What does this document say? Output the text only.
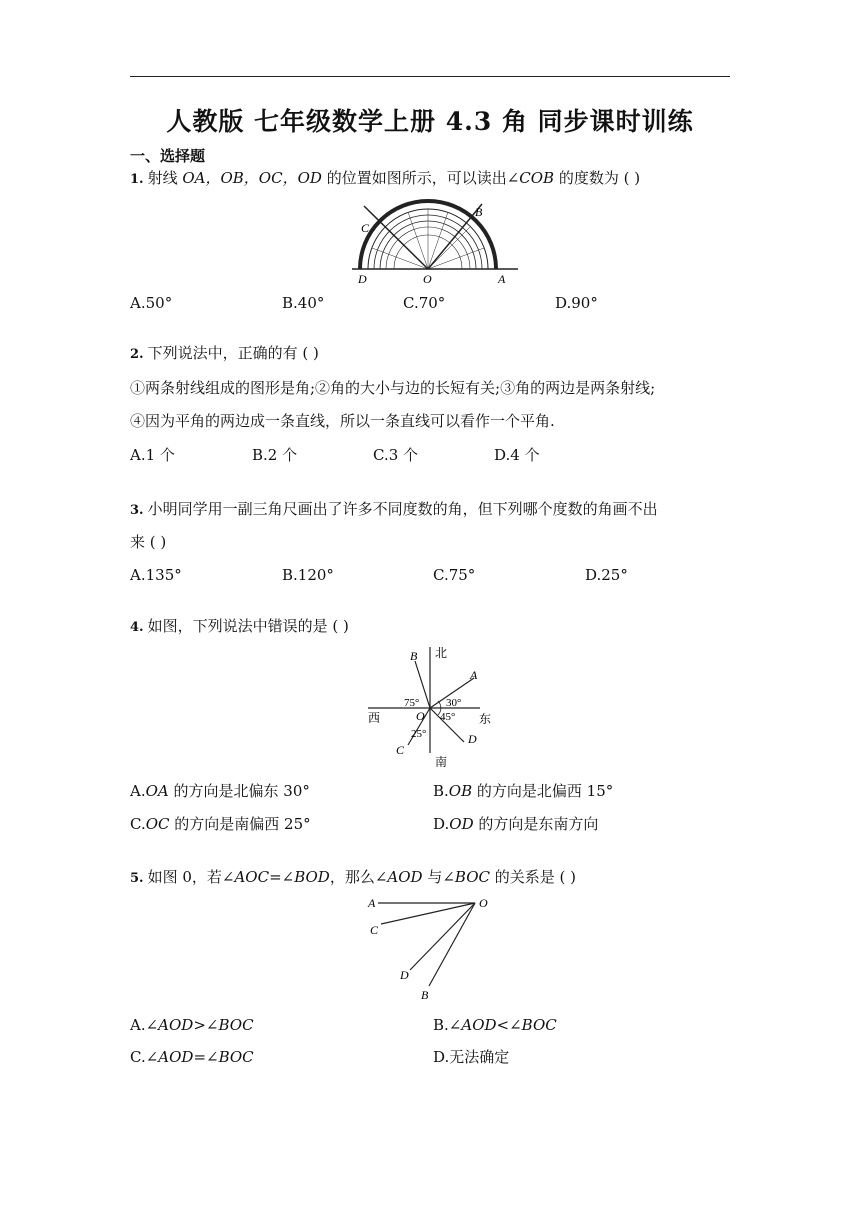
人教版 七年级数学上册 4.3 角 同步课时训练
一、选择题
1. 射线 OA，OB，OC，OD 的位置如图所示，可以读出∠COB 的度数为 ( )
C
B
D	O	A
A.50°	B.40°	C.70°	D.90°
2. 下列说法中，正确的有 ( )
①两条射线组成的图形是角;②角的大小与边的长短有关;③角的两边是两条射线;
④因为平角的两边成一条直线，所以一条直线可以看作一个平角.
A.1 个	B.2 个	C.3 个	D.4 个
3. 小明同学用一副三角尺画出了许多不同度数的角，但下列哪个度数的角画不出
来 ( )
A.135°	B.120°	C.75°	D.25°
4. 如图，下列说法中错误的是 ( )
北
B
A
75° 30°
西	O 45° 东
25°	D
C
南
A.OA 的方向是北偏东 30°	B.OB 的方向是北偏西 15°
C.OC 的方向是南偏西 25°	D.OD 的方向是东南方向
5. 如图 0，若∠AOC=∠BOD，那么∠AOD 与∠BOC 的关系是 ( )
A	O
C
D
B
A.∠AOD>∠BOC	B.∠AOD<∠BOC
C.∠AOD=∠BOC	D.无法确定
